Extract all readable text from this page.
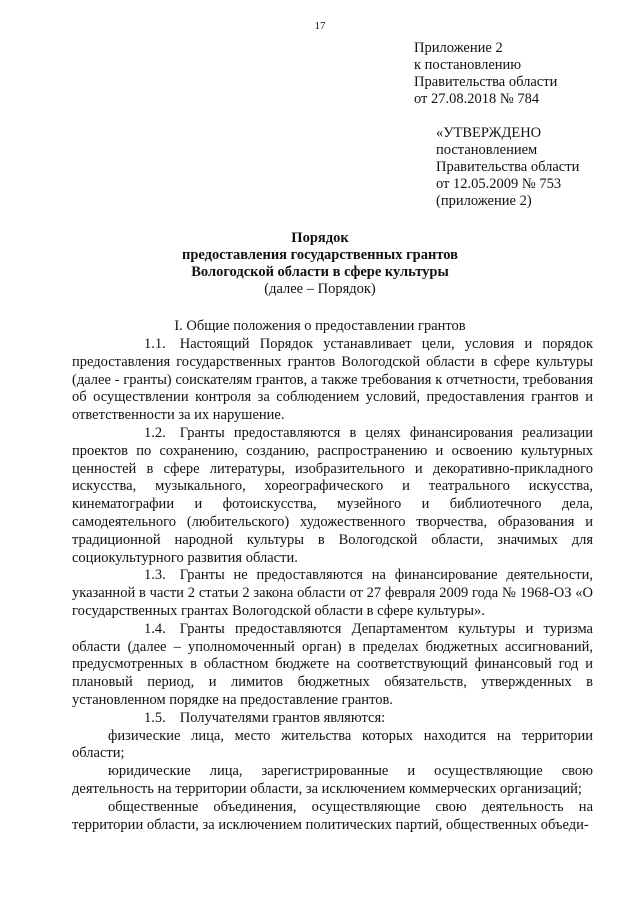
17
Приложение 2
к постановлению
Правительства области
от 27.08.2018 № 784
«УТВЕРЖДЕНО
постановлением
Правительства области
от 12.05.2009 № 753
(приложение 2)
Порядок
предоставления государственных грантов
Вологодской области в сфере культуры
(далее – Порядок)
I. Общие положения о предоставлении грантов

1.1. Настоящий Порядок устанавливает цели, условия и порядок предоставления государственных грантов Вологодской области в сфере культуры (далее - гранты) соискателям грантов, а также требования к отчетности, требования об осуществлении контроля за соблюдением условий, предоставления грантов и ответственности за их нарушение.

1.2. Гранты предоставляются в целях финансирования реализации проектов по сохранению, созданию, распространению и освоению культурных ценностей в сфере литературы, изобразительного и декоративно-прикладного искусства, музыкального, хореографического и театрального искусства, кинематографии и фотоискусства, музейного и библиотечного дела, самодеятельного (любительского) художественного творчества, образования и традиционной народной культуры в Вологодской области, значимых для социокультурного развития области.

1.3. Гранты не предоставляются на финансирование деятельности, указанной в части 2 статьи 2 закона области от 27 февраля 2009 года № 1968-ОЗ «О государственных грантах Вологодской области в сфере культуры».

1.4. Гранты предоставляются Департаментом культуры и туризма области (далее – уполномоченный орган) в пределах бюджетных ассигнований, предусмотренных в областном бюджете на соответствующий финансовый год и плановый период, и лимитов бюджетных обязательств, утвержденных в установленном порядке на предоставление грантов.

1.5. Получателями грантов являются:

физические лица, место жительства которых находится на территории области;

юридические лица, зарегистрированные и осуществляющие свою деятельность на территории области, за исключением коммерческих организаций;

общественные объединения, осуществляющие свою деятельность на территории области, за исключением политических партий, общественных объеди-
